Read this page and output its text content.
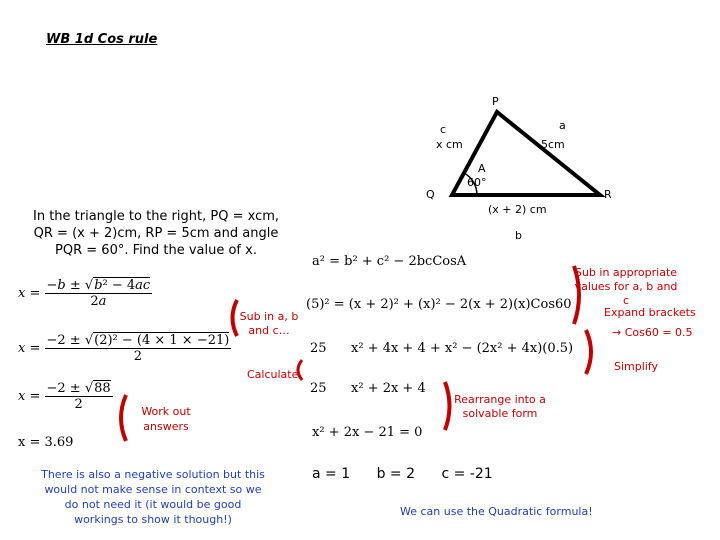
WB 1d Cos rule
P
Q	R
c
x cm
a
5cm
A
60°
(x + 2) cm
b
In the triangle to the right, PQ = xcm, QR = (x + 2)cm, RP = 5cm and angle PQR = 60°. Find the value of x.
a² = b² + c² − 2bcCosA
(5)² = (x + 2)² + (x)² − 2(x + 2)(x)Cos60
25 x² + 4x + 4 + x² − (2x² + 4x)(0.5)
25 x² + 2x + 4
x² + 2x − 21 = 0
$x = \frac{\text{−b ± √b² − 4ac}}{2a}$
$x = \frac{\text{−2 ± √(2)² − (4 × 1 × −21)}}{2}$
$x = \frac{-2 \pm √88}{2}$
x = 3.69
Sub in appropriate values for a, b and c
Expand brackets
→ Cos60 = 0.5
Simplify
Rearrange into a solvable form
Sub in a, b and c…
Calculate
Work out answers
a = 1 b = 2 c = -21
We can use the Quadratic formula!
There is also a negative solution but this would not make sense in context so we do not need it (it would be good workings to show it though!)
